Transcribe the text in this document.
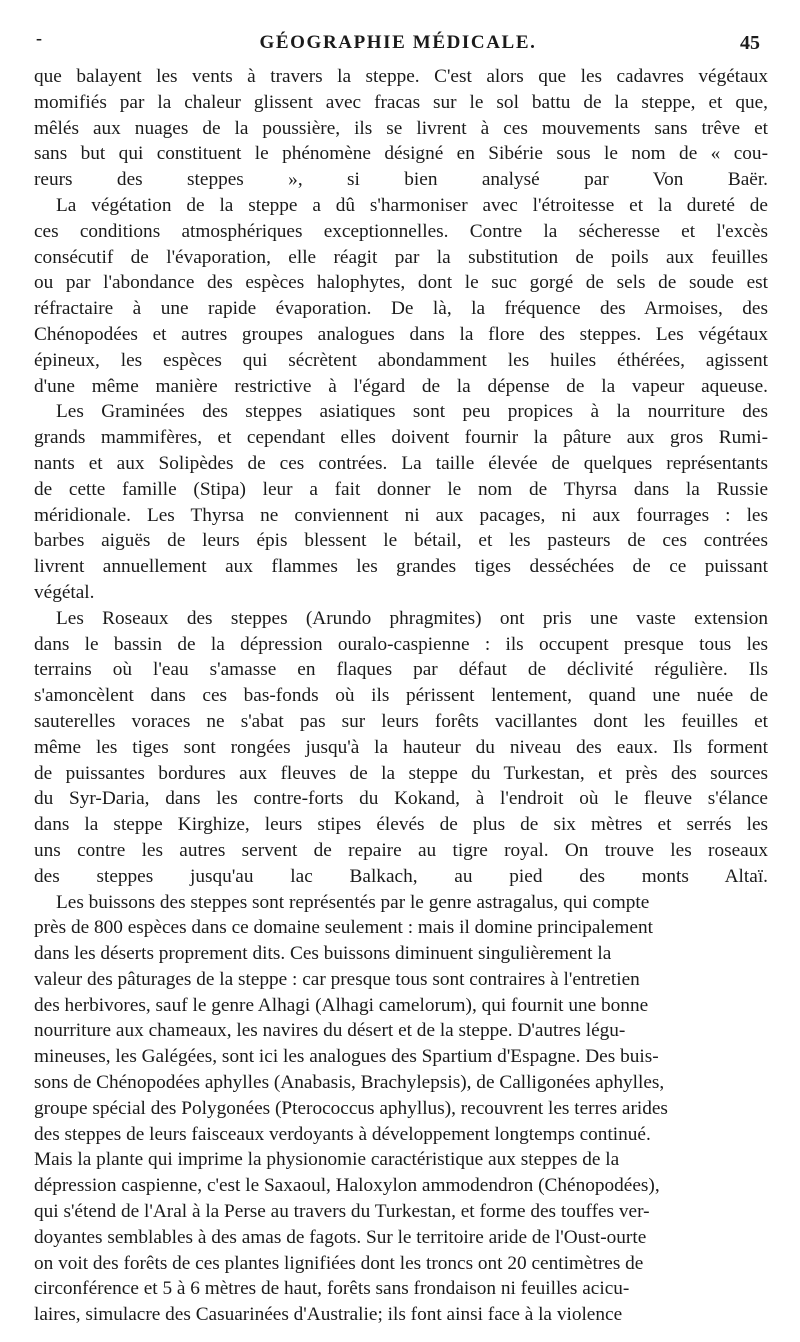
-	GÉOGRAPHIE MÉDICALE.	45

que balayent les vents à travers la steppe. C'est alors que les cadavres végétaux
momifiés par la chaleur glissent avec fracas sur le sol battu de la steppe, et que,
mêlés aux nuages de la poussière, ils se livrent à ces mouvements sans trêve et
sans but qui constituent le phénomène désigné en Sibérie sous le nom de « cou-
reurs des steppes », si bien analysé par Von Baër.

La végétation de la steppe a dû s'harmoniser avec l'étroitesse et la dureté de
ces conditions atmosphériques exceptionnelles. Contre la sécheresse et l'excès
consécutif de l'évaporation, elle réagit par la substitution de poils aux feuilles
ou par l'abondance des espèces halophytes, dont le suc gorgé de sels de soude est
réfractaire à une rapide évaporation. De là, la fréquence des Armoises, des
Chénopodées et autres groupes analogues dans la flore des steppes. Les végétaux
épineux, les espèces qui sécrètent abondamment les huiles éthérées, agissent
d'une même manière restrictive à l'égard de la dépense de la vapeur aqueuse.

Les Graminées des steppes asiatiques sont peu propices à la nourriture des
grands mammifères, et cependant elles doivent fournir la pâture aux gros Rumi-
nants et aux Solipèdes de ces contrées. La taille élevée de quelques représentants
de cette famille (Stipa) leur a fait donner le nom de Thyrsa dans la Russie
méridionale. Les Thyrsa ne conviennent ni aux pacages, ni aux fourrages : les
barbes aiguës de leurs épis blessent le bétail, et les pasteurs de ces contrées
livrent annuellement aux flammes les grandes tiges desséchées de ce puissant
végétal.

Les Roseaux des steppes (Arundo phragmites) ont pris une vaste extension
dans le bassin de la dépression ouralo-caspienne : ils occupent presque tous les
terrains où l'eau s'amasse en flaques par défaut de déclivité régulière. Ils
s'amoncèlent dans ces bas-fonds où ils périssent lentement, quand une nuée de
sauterelles voraces ne s'abat pas sur leurs forêts vacillantes dont les feuilles et
même les tiges sont rongées jusqu'à la hauteur du niveau des eaux. Ils forment
de puissantes bordures aux fleuves de la steppe du Turkestan, et près des sources
du Syr-Daria, dans les contre-forts du Kokand, à l'endroit où le fleuve s'élance
dans la steppe Kirghize, leurs stipes élevés de plus de six mètres et serrés les
uns contre les autres servent de repaire au tigre royal. On trouve les roseaux
des steppes jusqu'au lac Balkach, au pied des monts Altaï.

Les buissons des steppes sont représentés par le genre astragalus, qui compte
près de 800 espèces dans ce domaine seulement : mais il domine principalement
dans les déserts proprement dits. Ces buissons diminuent singulièrement la
valeur des pâturages de la steppe : car presque tous sont contraires à l'entretien
des herbivores, sauf le genre Alhagi (Alhagi camelorum), qui fournit une bonne
nourriture aux chameaux, les navires du désert et de la steppe. D'autres légu-
mineuses, les Galégées, sont ici les analogues des Spartium d'Espagne. Des buis-
sons de Chénopodées aphylles (Anabasis, Brachylepsis), de Calligonées aphylles,
groupe spécial des Polygonées (Pterococcus aphyllus), recouvrent les terres arides
des steppes de leurs faisceaux verdoyants à développement longtemps continué.
Mais la plante qui imprime la physionomie caractéristique aux steppes de la
dépression caspienne, c'est le Saxaoul, Haloxylon ammodendron (Chénopodées),
qui s'étend de l'Aral à la Perse au travers du Turkestan, et forme des touffes ver-
doyantes semblables à des amas de fagots. Sur le territoire aride de l'Oust-ourte
on voit des forêts de ces plantes lignifiées dont les troncs ont 20 centimètres de
circonférence et 5 à 6 mètres de haut, forêts sans frondaison ni feuilles acicu-
laires, simulacre des Casuarinées d'Australie; ils font ainsi face à la violence
